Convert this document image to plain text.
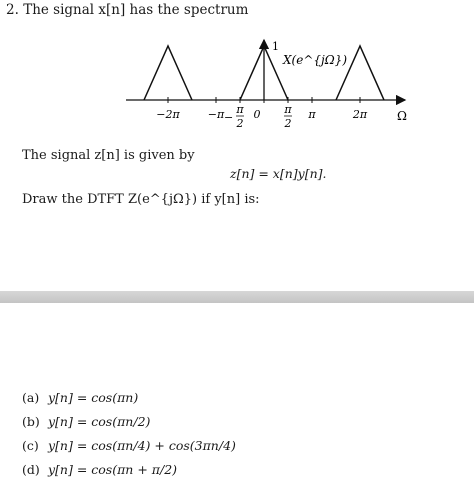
2. The signal x[n] has the spectrum
−2π	−π −
π 2
0 π 2
π	2π
1
X(e^{jΩ})
Ω
The signal z[n] is given by
z[n] = x[n]y[n].
Draw the DTFT Z(e^{jΩ}) if y[n] is:
(a) y[n] = cos(πn)
(b) y[n] = cos(πn/2)
(c) y[n] = cos(πn/4) + cos(3πn/4)
(d) y[n] = cos(πn + π/2)
